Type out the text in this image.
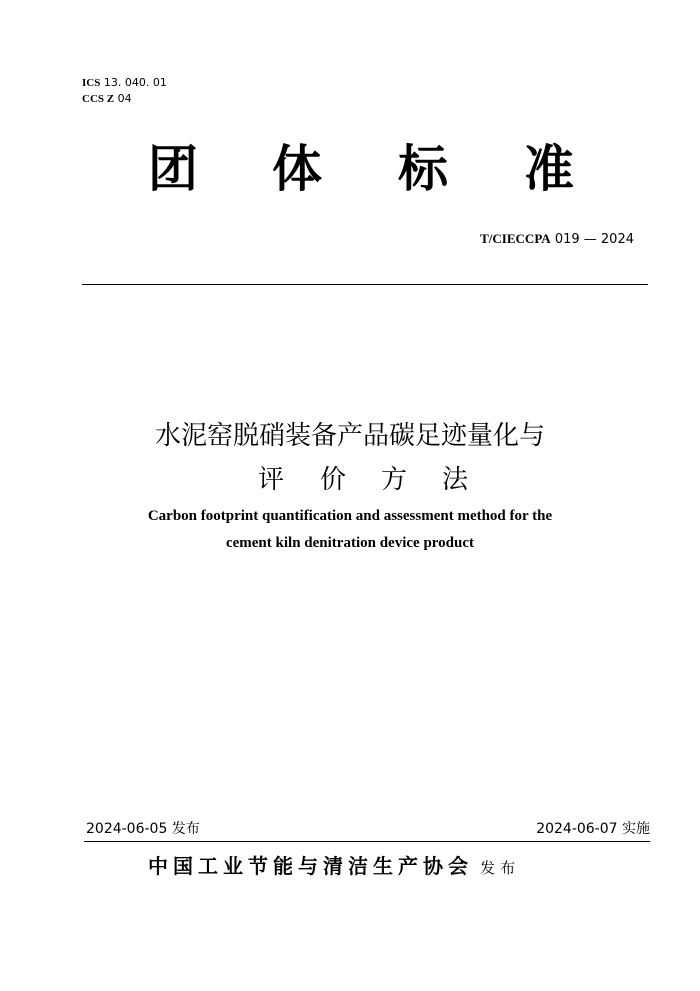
ICS 13. 040. 01
CCS Z 04
团 体 标 准
T/CIECCPA 019 — 2024
水泥窑脱硝装备产品碳足迹量化与
评 价 方 法
Carbon footprint quantification and assessment method for the
cement kiln denitration device product
2024-06-05 发布	2024-06-07 实施
中国工业节能与清洁生产协会 发布
